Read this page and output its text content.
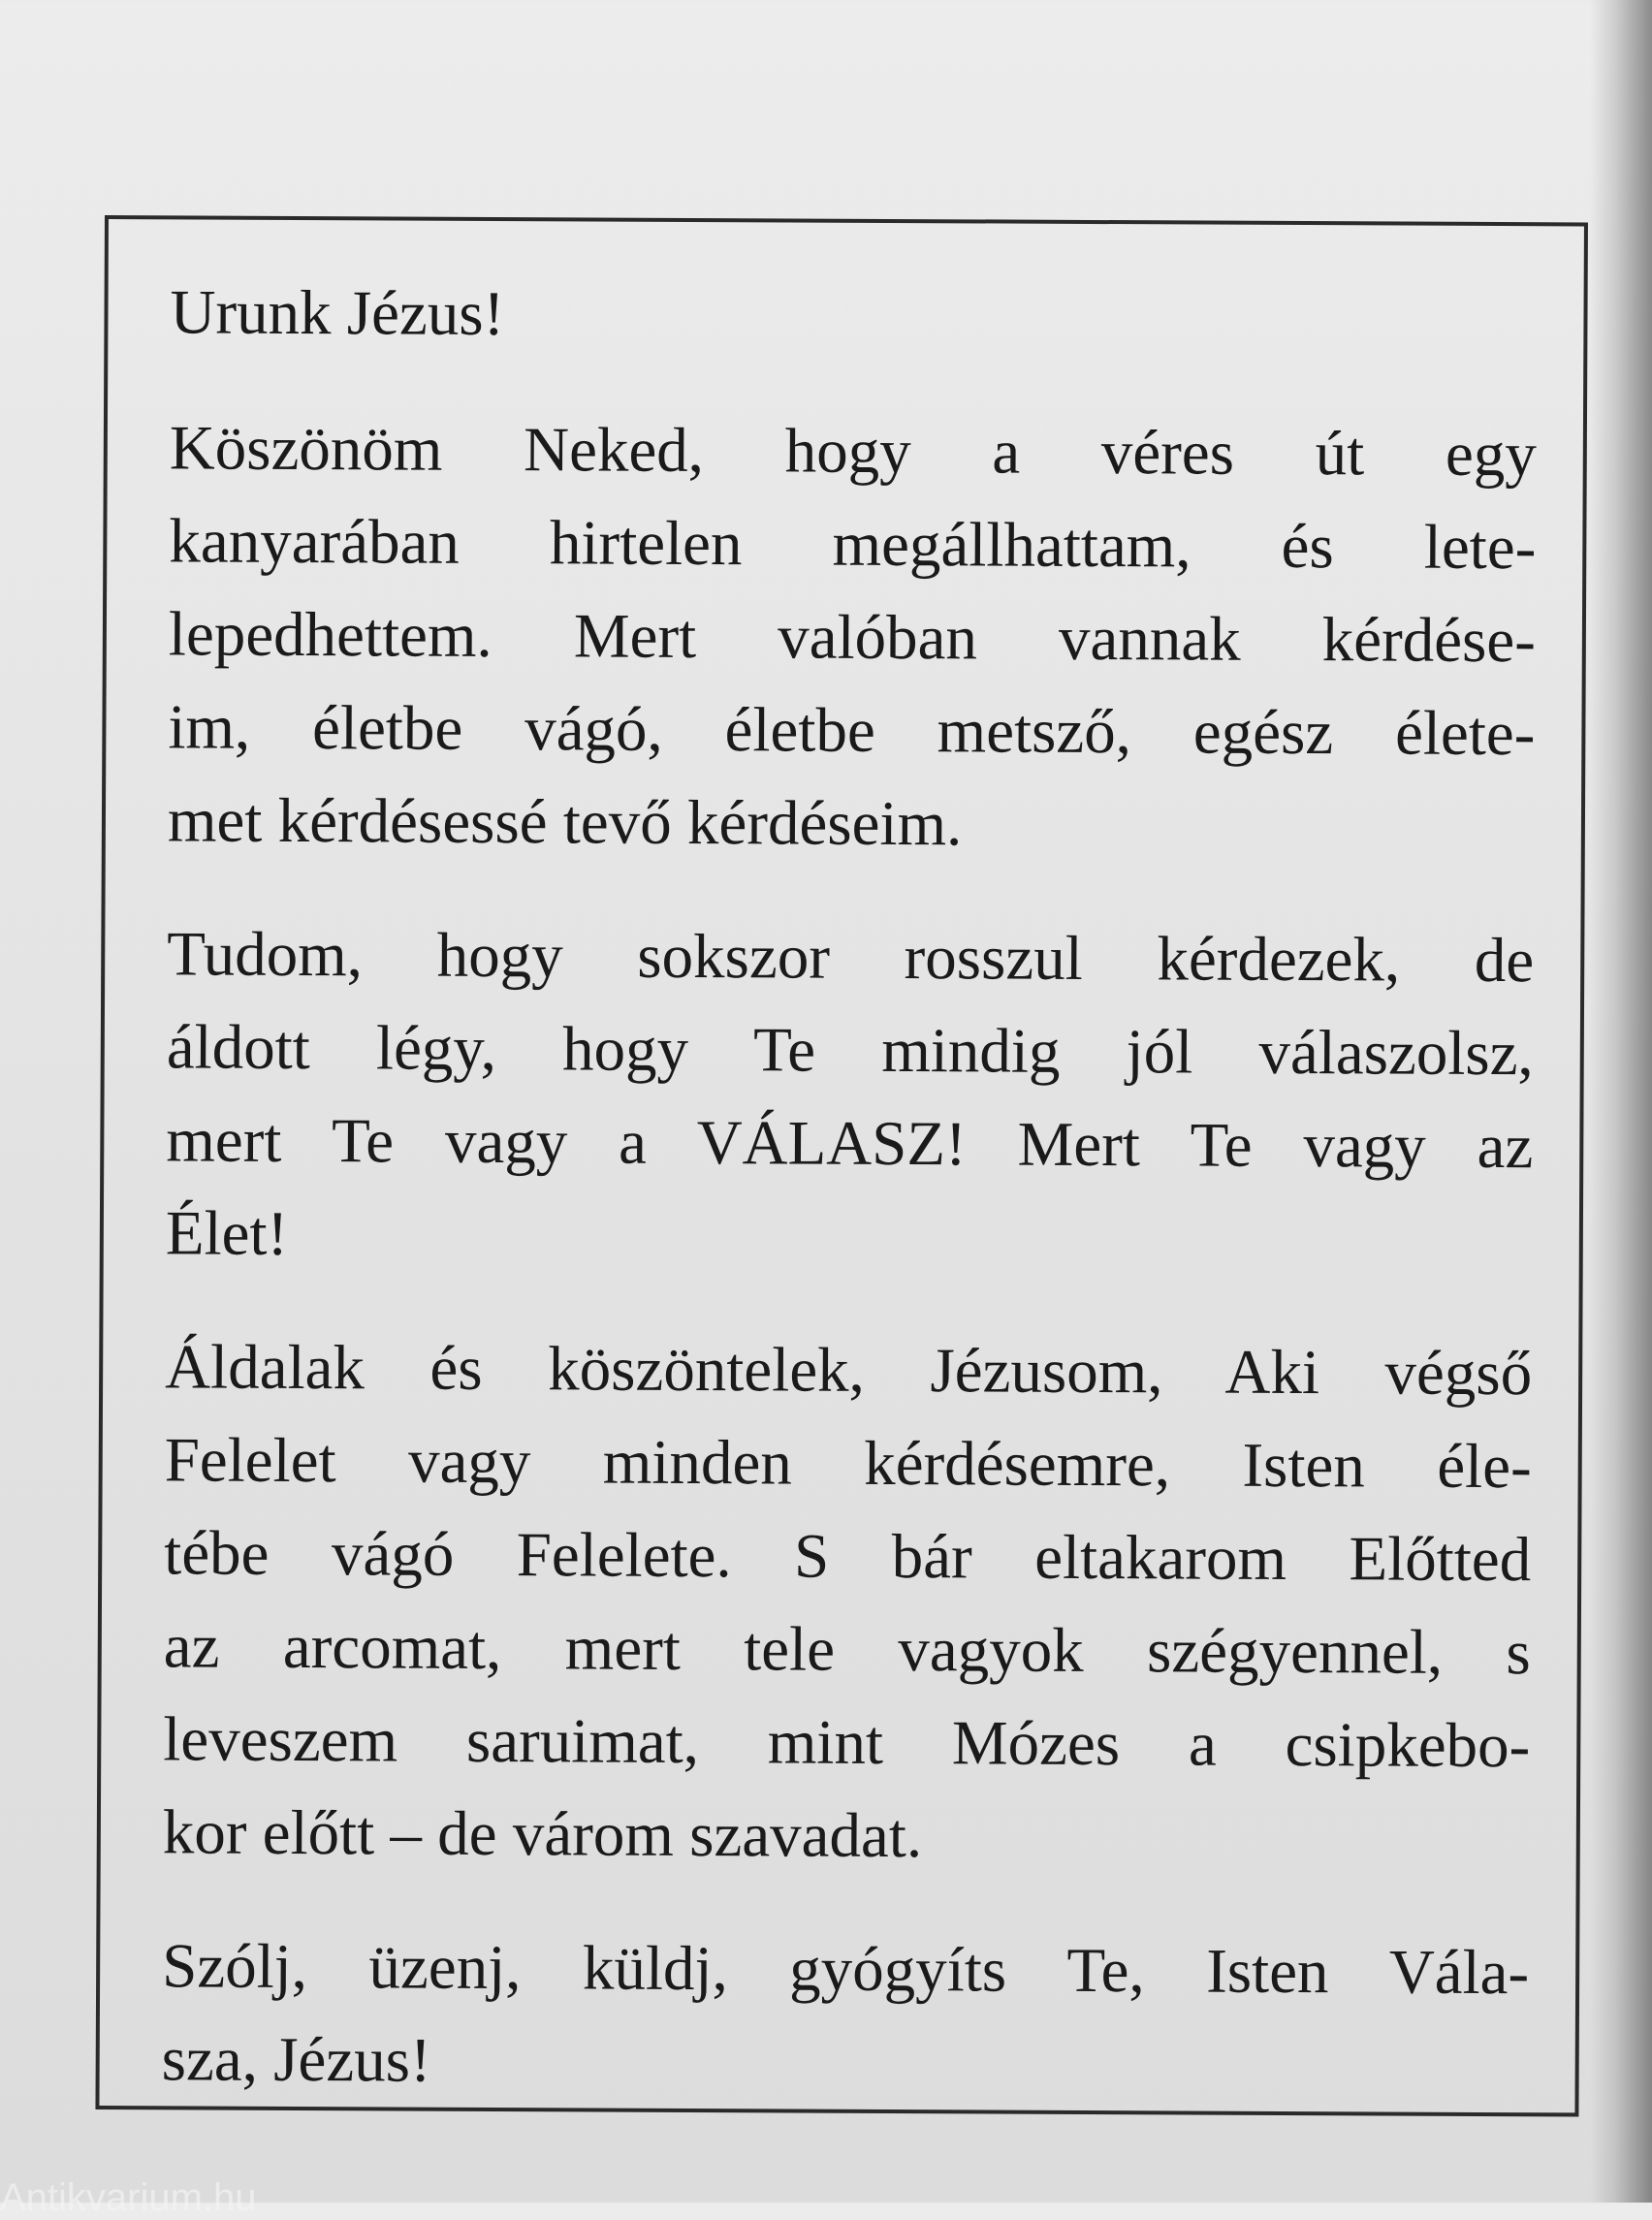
Urunk Jézus!

Köszönöm Neked, hogy a véres út egy
kanyarában hirtelen megállhattam, és lete-
lepedhettem. Mert valóban vannak kérdése-
im, életbe vágó, életbe metsző, egész élete-
met kérdésessé tevő kérdéseim.

Tudom, hogy sokszor rosszul kérdezek, de
áldott légy, hogy Te mindig jól válaszolsz,
mert Te vagy a VÁLASZ! Mert Te vagy az
Élet!

Áldalak és köszöntelek, Jézusom, Aki végső
Felelet vagy minden kérdésemre, Isten éle-
tébe vágó Felelete. S bár eltakarom Előtted
az arcomat, mert tele vagyok szégyennel, s
leveszem saruimat, mint Mózes a csipkebo-
kor előtt – de várom szavadat.

Szólj, üzenj, küldj, gyógyíts Te, Isten Vála-
sza, Jézus!

Antikvarium.hu
